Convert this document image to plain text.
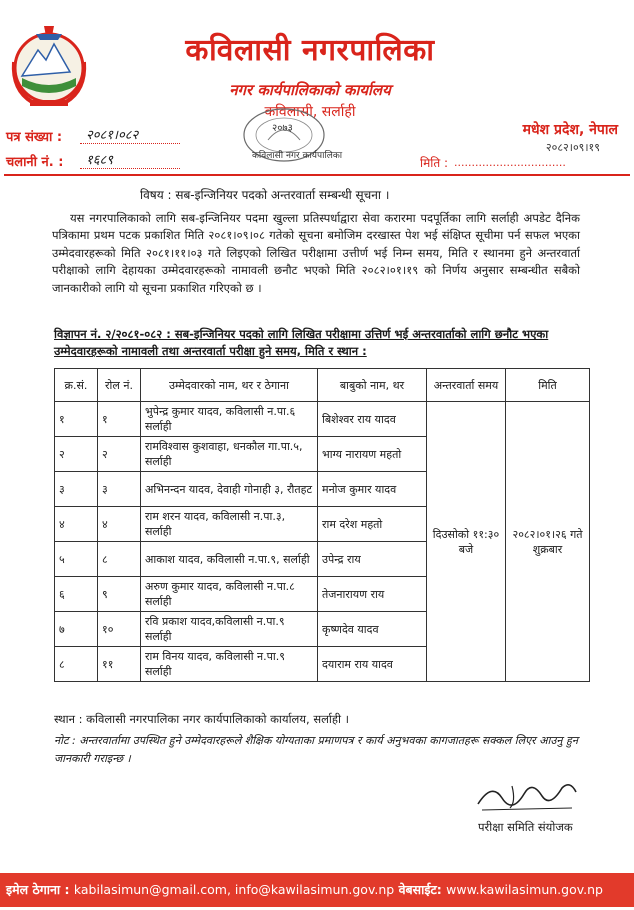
कविलासी नगरपालिका
नगर कार्यपालिकाको कार्यालय
कविलासी, सर्लाही
२०७३
कविलासी नगर कार्यपालिका
पत्र संख्या : २०८१।०८२
चलानी नं. : १६८९
मधेश प्रदेश, नेपाल
२०८२।०९।१९
मिति : ................................
विषय : सब-इन्जिनियर पदको अन्तरवार्ता सम्बन्धी सूचना ।

यस नगरपालिकाको लागि सब-इन्जिनियर पदमा खुल्ला प्रतिस्पर्धाद्वारा सेवा करारमा पदपूर्तिका लागि सर्लाही अपडेट दैनिक पत्रिकामा प्रथम पटक प्रकाशित मिति २०८१।०९।०८ गतेको सूचना बमोजिम दरखास्त पेश भई संक्षिप्त सूचीमा पर्न सफल भएका उम्मेदवारहरूको मिति २०८१।११।०३ गते लिइएको लिखित परीक्षामा उत्तीर्ण भई निम्न समय, मिति र स्थानमा हुने अन्तरवार्ता परीक्षाको लागि देहायका उम्मेदवारहरूको नामावली छनौट भएको मिति २०८२।०१।१९ को निर्णय अनुसार सम्बन्धीत सबैको जानकारीको लागि यो सूचना प्रकाशित गरिएको छ ।

विज्ञापन नं. २/२०८१-०८२ : सब-इन्जिनियर पदको लागि लिखित परीक्षामा उत्तिर्ण भई अन्तरवार्ताको लागि छनौट भएका उम्मेदवारहरूको नामावली तथा अन्तरवार्ता परीक्षा हुने समय, मिति र स्थान :
क्र.सं.	रोल नं.	उम्मेदवारको नाम, थर र ठेगाना	बाबुको नाम, थर	अन्तरवार्ता समय	मिति
१	१	भुपेन्द्र कुमार यादव, कविलासी न.पा.६ सर्लाही	बिशेश्वर राय यादव	दिउसोको ११:३० बजे	२०८२।०१।२६ गते शुक्रबार
२	२	रामविश्वास कुशवाहा, धनकौल गा.पा.५, सर्लाही	भाग्य नारायण महतो		
३	३	अभिनन्दन यादव, देवाही गोनाही ३, रौतहट	मनोज कुमार यादव		
४	४	राम शरन यादव, कविलासी न.पा.३, सर्लाही	राम दरेश महतो		
५	८	आकाश यादव, कविलासी न.पा.९, सर्लाही	उपेन्द्र राय		
६	९	अरुण कुमार यादव, कविलासी न.पा.८ सर्लाही	तेजनारायण राय		
७	१०	रवि प्रकाश यादव,कविलासी न.पा.९ सर्लाही	कृष्णदेव यादव		
८	११	राम विनय यादव, कविलासी न.पा.९ सर्लाही	दयाराम राय यादव		
स्थान : कविलासी नगरपालिका नगर कार्यपालिकाको कार्यालय, सर्लाही ।
नोट : अन्तरवार्तामा उपस्थित हुने उम्मेदवारहरूले शैक्षिक योग्यताका प्रमाणपत्र र कार्य अनुभवका कागजातहरू सक्कल लिएर आउनु हुन जानकारी गराइन्छ ।
परीक्षा समिति संयोजक
इमेल ठेगाना : kabilasimun@gmail.com, info@kawilasimun.gov.np वेबसाईट: www.kawilasimun.gov.np
